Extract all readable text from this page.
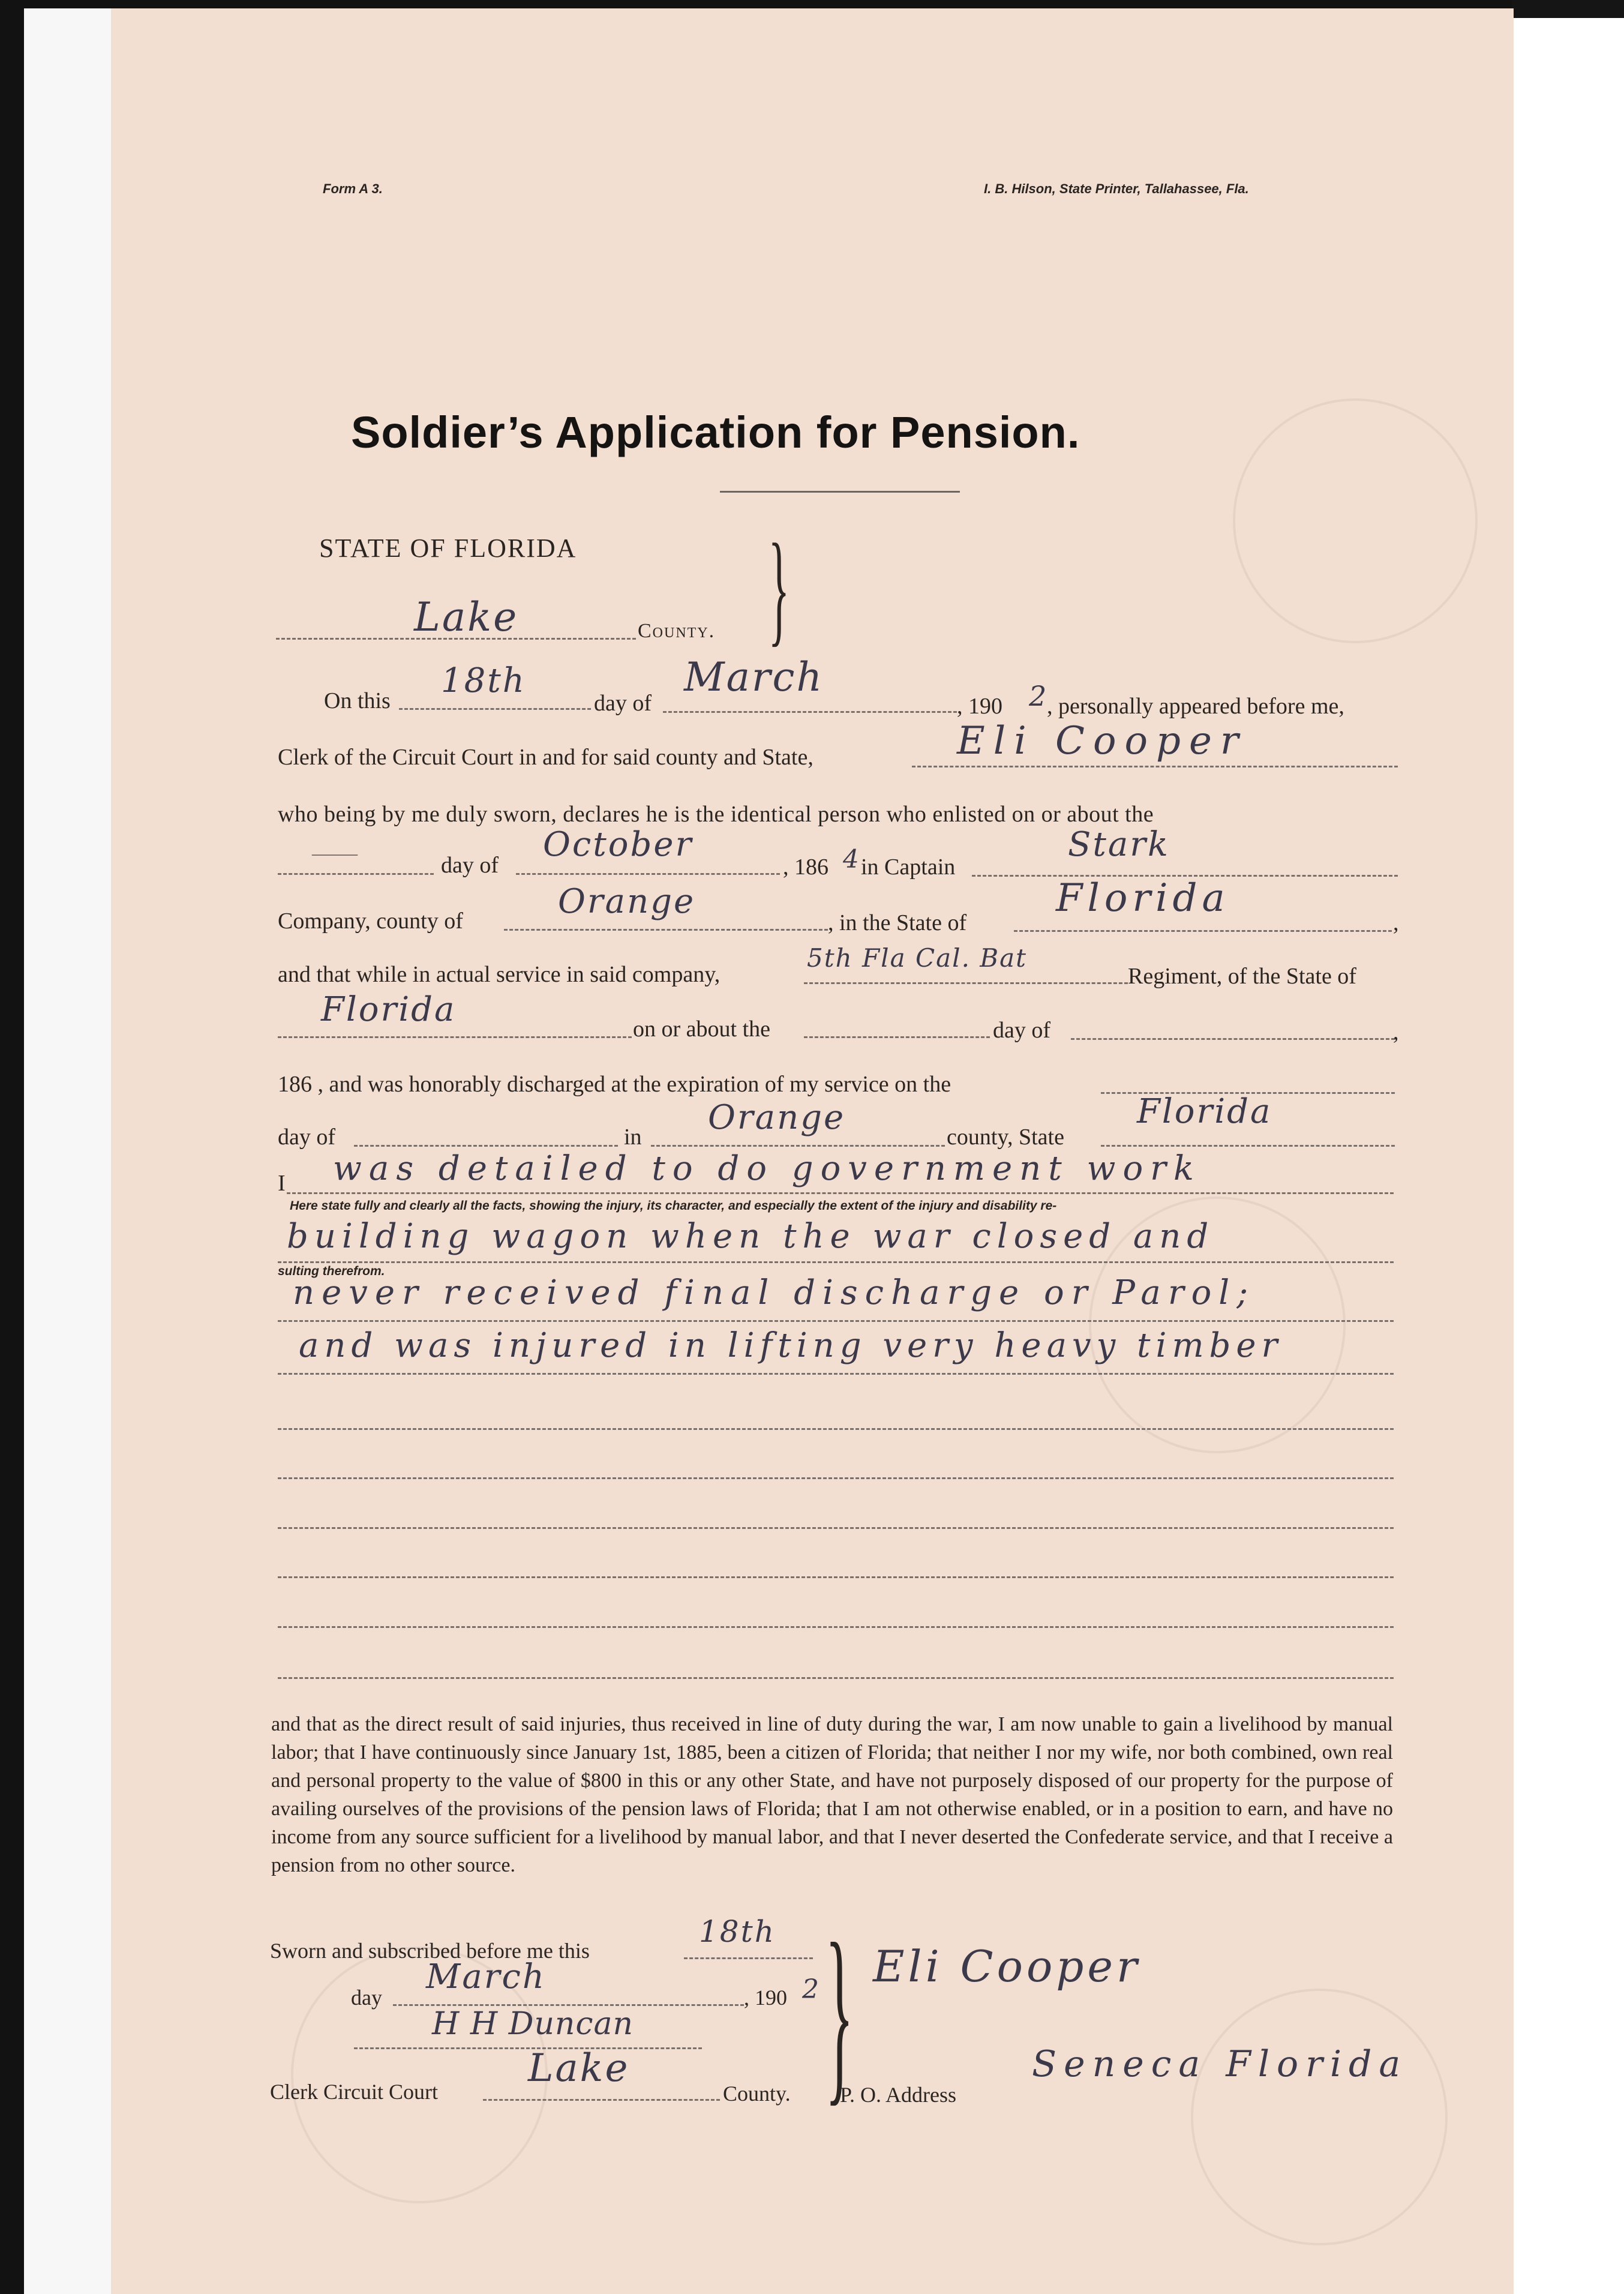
Form A 3.	I. B. Hilson, State Printer, Tallahassee, Fla.
Soldier’s Application for Pension.
STATE OF FLORIDA
Lake	County. }
On this
18th
day of
March
, 190 2
, personally appeared before me,
Clerk of the Circuit Court in and for said county and State,	Eli Cooper
who being by me duly sworn, declares he is the identical person who enlisted on or about the
——	day of
October
, 186 4 in Captain
Stark
Company, county of	Orange
, in the State of
Florida
,
and that while in actual service in said company,
5th Fla Cal. Bat
Regiment, of the State of
Florida	on or about the	day of	,
186 , and was honorably discharged at the expiration of my service on the
day of	in Orange	county, State
Florida
I was detailed to do government work
Here state fully and clearly all the facts, showing the injury, its character, and especially the extent of the injury and disability re-
sulting therefrom.
building wagon when the war closed and
never received final discharge or Parol;
and was injured in lifting very heavy timber
and that as the direct result of said injuries, thus received in line of duty during the war, I am now unable to gain a livelihood by manual labor; that I have continuously since January 1st, 1885, been a citizen of Florida; that neither I nor my wife, nor both combined, own real and personal property to the value of $800 in this or any other State, and have not purposely disposed of our property for the purpose of availing ourselves of the provisions of the pension laws of Florida; that I am not otherwise enabled, or in a position to earn, and have no income from any source sufficient for a livelihood by manual labor, and that I never deserted the Confederate service, and that I receive a pension from no other source.
Sworn and subscribed before me this
18th
day
March
, 190 2
H H Duncan
Clerk Circuit Court
Lake
County. } Eli Cooper
P. O. Address
Seneca Florida
